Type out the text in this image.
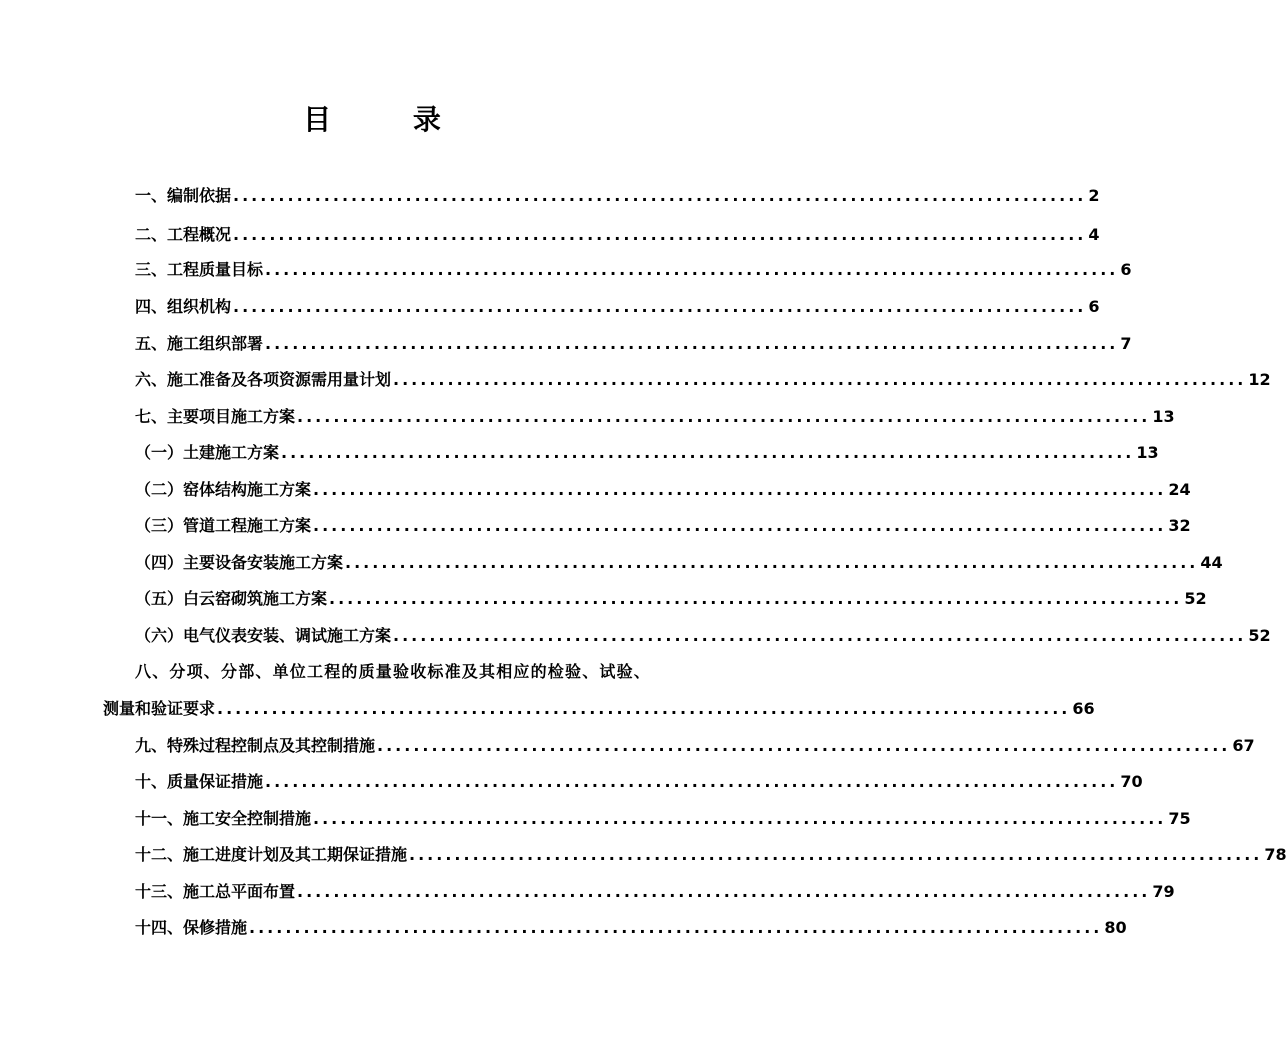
目 录
一、编制依据 .............................................................................................. 2
二、工程概况 .............................................................................................. 4
三、工程质量目标 .............................................................................................. 6
四、组织机构 .............................................................................................. 6
五、施工组织部署 .............................................................................................. 7
六、施工准备及各项资源需用量计划 .............................................................................................. 12
七、主要项目施工方案 .............................................................................................. 13
（一）土建施工方案 .............................................................................................. 13
（二）窑体结构施工方案 .............................................................................................. 24
（三）管道工程施工方案 .............................................................................................. 32
（四）主要设备安装施工方案 .............................................................................................. 44
（五）白云窑砌筑施工方案 .............................................................................................. 52
（六）电气仪表安装、调试施工方案 .............................................................................................. 52
八、分项、分部、单位工程的质量验收标准及其相应的检验、试验、
测量和验证要求 .............................................................................................. 66
九、特殊过程控制点及其控制措施 .............................................................................................. 67
十、质量保证措施 .............................................................................................. 70
十一、施工安全控制措施 .............................................................................................. 75
十二、施工进度计划及其工期保证措施 .............................................................................................. 78
十三、施工总平面布置 .............................................................................................. 79
十四、保修措施 .............................................................................................. 80
